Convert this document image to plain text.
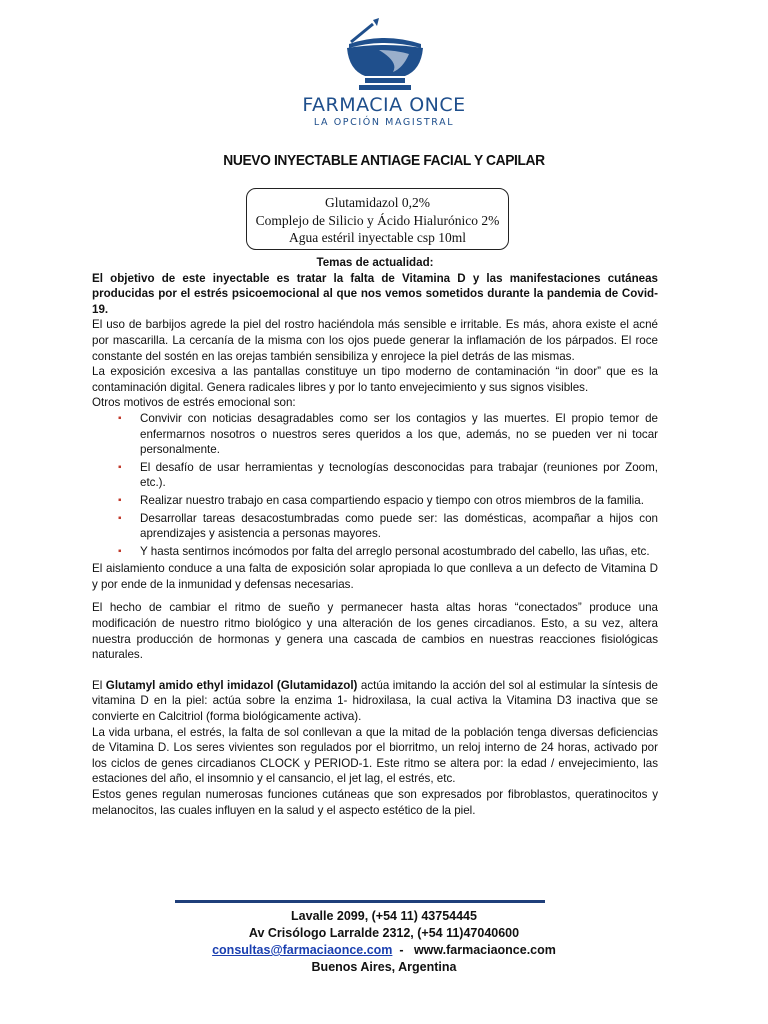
FARMACIA ONCE
LA OPCIÓN MAGISTRAL
NUEVO INYECTABLE ANTIAGE FACIAL Y CAPILAR
Glutamidazol 0,2%
Complejo de Silicio y Ácido Hialurónico 2%
Agua estéril inyectable csp 10ml

Temas de actualidad:

El objetivo de este inyectable es tratar la falta de Vitamina D y las manifestaciones cutáneas producidas por el estrés psicoemocional al que nos vemos sometidos durante la pandemia de Covid-19.

El uso de barbijos agrede la piel del rostro haciéndola más sensible e irritable. Es más, ahora existe el acné por mascarilla. La cercanía de la misma con los ojos puede generar la inflamación de los párpados. El roce constante del sostén en las orejas también sensibiliza y enrojece la piel detrás de las mismas.

La exposición excesiva a las pantallas constituye un tipo moderno de contaminación “in door” que es la contaminación digital. Genera radicales libres y por lo tanto envejecimiento y sus signos visibles.

Otros motivos de estrés emocional son:

▪ Convivir con noticias desagradables como ser los contagios y las muertes. El propio temor de enfermarnos nosotros o nuestros seres queridos a los que, además, no se pueden ver ni tocar personalmente.
▪ El desafío de usar herramientas y tecnologías desconocidas para trabajar (reuniones por Zoom, etc.).
▪ Realizar nuestro trabajo en casa compartiendo espacio y tiempo con otros miembros de la familia.
▪ Desarrollar tareas desacostumbradas como puede ser: las domésticas, acompañar a hijos con aprendizajes y asistencia a personas mayores.
▪ Y hasta sentirnos incómodos por falta del arreglo personal acostumbrado del cabello, las uñas, etc.

El aislamiento conduce a una falta de exposición solar apropiada lo que conlleva a un defecto de Vitamina D y por ende de la inmunidad y defensas necesarias.

El hecho de cambiar el ritmo de sueño y permanecer hasta altas horas “conectados” produce una modificación de nuestro ritmo biológico y una alteración de los genes circadianos. Esto, a su vez, altera nuestra producción de hormonas y genera una cascada de cambios en nuestras reacciones fisiológicas naturales.

El Glutamyl amido ethyl imidazol (Glutamidazol) actúa imitando la acción del sol al estimular la síntesis de vitamina D en la piel: actúa sobre la enzima 1- hidroxilasa, la cual activa la Vitamina D3 inactiva que se convierte en Calcitriol (forma biológicamente activa).

La vida urbana, el estrés, la falta de sol conllevan a que la mitad de la población tenga diversas deficiencias de Vitamina D. Los seres vivientes son regulados por el biorritmo, un reloj interno de 24 horas, activado por los ciclos de genes circadianos CLOCK y PERIOD-1. Este ritmo se altera por: la edad / envejecimiento, las estaciones del año, el insomnio y el cansancio, el jet lag, el estrés, etc.

Estos genes regulan numerosas funciones cutáneas que son expresados por fibroblastos, queratinocitos y melanocitos, las cuales influyen en la salud y el aspecto estético de la piel.

Lavalle 2099, (+54 11) 43754445
Av Crisólogo Larralde 2312, (+54 11)47040600
consultas@farmaciaonce.com  -   www.farmaciaonce.com
Buenos Aires, Argentina
